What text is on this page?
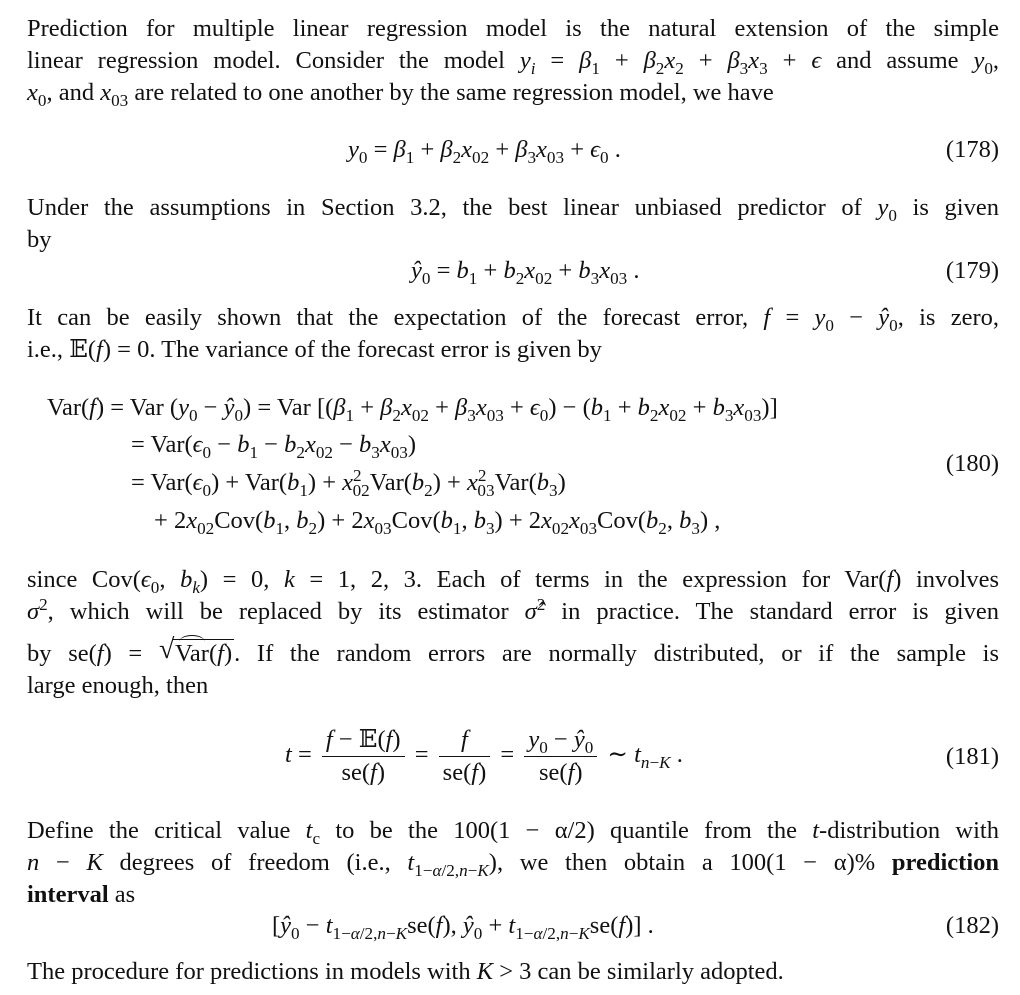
Prediction for multiple linear regression model is the natural extension of the simple
linear regression model. Consider the model $y_i = \beta_1 + \beta_2x_2 + \beta_3x_3 + \epsilon$ and assume $y_0$,
$x_0$, and $x_{03}$ are related to one another by the same regression model, we have

$y_0 = \beta_1 + \beta_2x_{02} + \beta_3x_{03} + \epsilon_0$ .	(178)

Under the assumptions in Section 3.2, the best linear unbiased predictor of $y_0$ is given
by

$ŷ_0 = b_1 + b_2x_{02} + b_3x_{03}$ .	(179)

It can be easily shown that the expectation of the forecast error, $f = y_0$ − $ŷ_0$, is zero,
i.e., 𝔼(f) = 0. The variance of the forecast error is given by

Var(f) = Var ($y_0$ − $ŷ_0$) = Var $[(\beta_1 + \beta_2x_{02} + \beta_3x_{03} + \epsilon_0) - (b_1 + b_2x_{02} + b_3x_{03})]$
= $Var(\epsilon_0 - b_1 - b_2x_{02} - b_3x_{03})$
= $Var(\epsilon_0) + Var(b_1) + x^2_{02}Var(b_2) + x^2_{03}Var(b_3)$
+ $2x_{02}Cov(b_1$, $b_2) + 2x_{03}Cov(b_1$, $b_3) + 2x_{02}x_{03}Cov(b_2$, $b_3$) ,
(180)

since $Cov(\epsilon_0$, $b_k) = 0$, k = 1, 2, 3. Each of terms in the expression for Var(f) involves
$\sigma^2$, which will be replaced by its estimator σ̂$^2$ in practice. The standard error is given
by se(f) = √ Var(f). If the random errors are normally distributed, or if the sample is
large enough, then

$t = \frac{\text{f − 𝔼(f)}}{se(f)} = \frac{f}{se(f)} = \frac{y_0 - ŷ_0}{se(f)}$ ∼ $t_{n-K}$ .	(181)

Define the critical value $t_c$ to be the 100(1 − α/2) quantile from the t-distribution with
n − K degrees of freedom (i.e., $t_{1-\alpha/2,n-K}$), we then obtain a 100(1 − α)% prediction
interval as

[$ŷ_0 - t_{1-\alpha/2,n-K}se(f)$, $ŷ_0 + t_{1-\alpha/2,n-K}se(f)$] .	(182)

The procedure for predictions in models with K > 3 can be similarly adopted.
